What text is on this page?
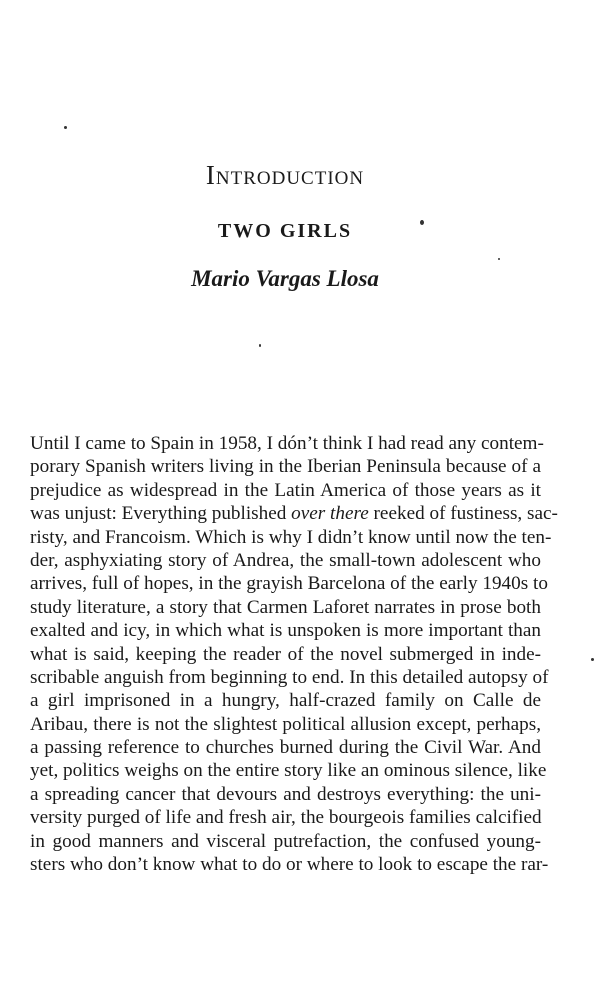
Introduction
TWO GIRLS
Mario Vargas Llosa
Until I came to Spain in 1958, I dón’t think I had read any contem-
porary Spanish writers living in the Iberian Peninsula because of a
prejudice as widespread in the Latin America of those years as it
was unjust: Everything published over there reeked of fustiness, sac-
risty, and Francoism. Which is why I didn’t know until now the ten-
der, asphyxiating story of Andrea, the small-town adolescent who
arrives, full of hopes, in the grayish Barcelona of the early 1940s to
study literature, a story that Carmen Laforet narrates in prose both
exalted and icy, in which what is unspoken is more important than
what is said, keeping the reader of the novel submerged in inde-
scribable anguish from beginning to end. In this detailed autopsy of
a girl imprisoned in a hungry, half-crazed family on Calle de
Aribau, there is not the slightest political allusion except, perhaps,
a passing reference to churches burned during the Civil War. And
yet, politics weighs on the entire story like an ominous silence, like
a spreading cancer that devours and destroys everything: the uni-
versity purged of life and fresh air, the bourgeois families calcified
in good manners and visceral putrefaction, the confused young-
sters who don’t know what to do or where to look to escape the rar-
